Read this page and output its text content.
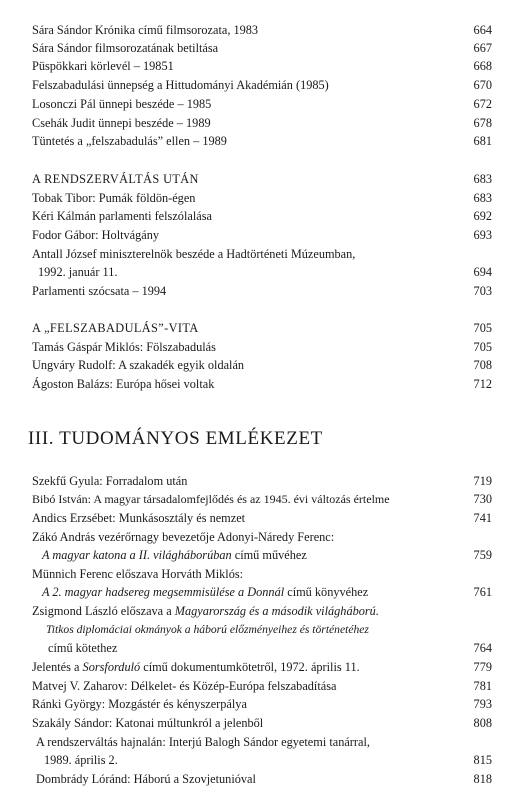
Sára Sándor Krónika című filmsorozata, 1983	664
Sára Sándor filmsorozatának betiltása	667
Püspökkari körlevél – 19851	668
Felszabadulási ünnepség a Hittudományi Akadémián (1985)	670
Losonczi Pál ünnepi beszéde – 1985	672
Csehák Judit ünnepi beszéde – 1989	678
Tüntetés a „felszabadulás” ellen – 1989	681
A RENDSZERVÁLTÁS UTÁN	683
Tobak Tibor: Pumák földön-égen	683
Kéri Kálmán parlamenti felszólalása	692
Fodor Gábor: Holtvágány	693
Antall József miniszterelnök beszéde a Hadtörténeti Múzeumban,
1992. január 11.	694
Parlamenti szócsata – 1994	703
A „FELSZABADULÁS”-VITA	705
Tamás Gáspár Miklós: Fölszabadulás	705
Ungváry Rudolf: A szakadék egyik oldalán	708
Ágoston Balázs: Európa hősei voltak	712
III. TUDOMÁNYOS EMLÉKEZET
Szekfű Gyula: Forradalom után	719
Bibó István: A magyar társadalomfejlődés és az 1945. évi változás értelme	730
Andics Erzsébet: Munkásosztály és nemzet	741
Zákó András vezérőrnagy bevezetője Adonyi-Náredy Ferenc:
A magyar katona a II. világháborúban című művéhez	759
Münnich Ferenc előszava Horváth Miklós:
A 2. magyar hadsereg megsemmisülése a Donnál című könyvéhez	761
Zsigmond László előszava a Magyarország és a második világháború.
Titkos diplomáciai okmányok a háború előzményeihez és történetéhez
című kötethez	764
Jelentés a Sorsforduló című dokumentumkötetről, 1972. április 11.	779
Matvej V. Zaharov: Délkelet- és Közép-Európa felszabadítása	781
Ránki György: Mozgástér és kényszerpálya	793
Szakály Sándor: Katonai múltunkról a jelenből	808
A rendszerváltás hajnalán: Interjú Balogh Sándor egyetemi tanárral,
1989. április 2.	815
Dombrády Lóránd: Háború a Szovjetunióval	818
